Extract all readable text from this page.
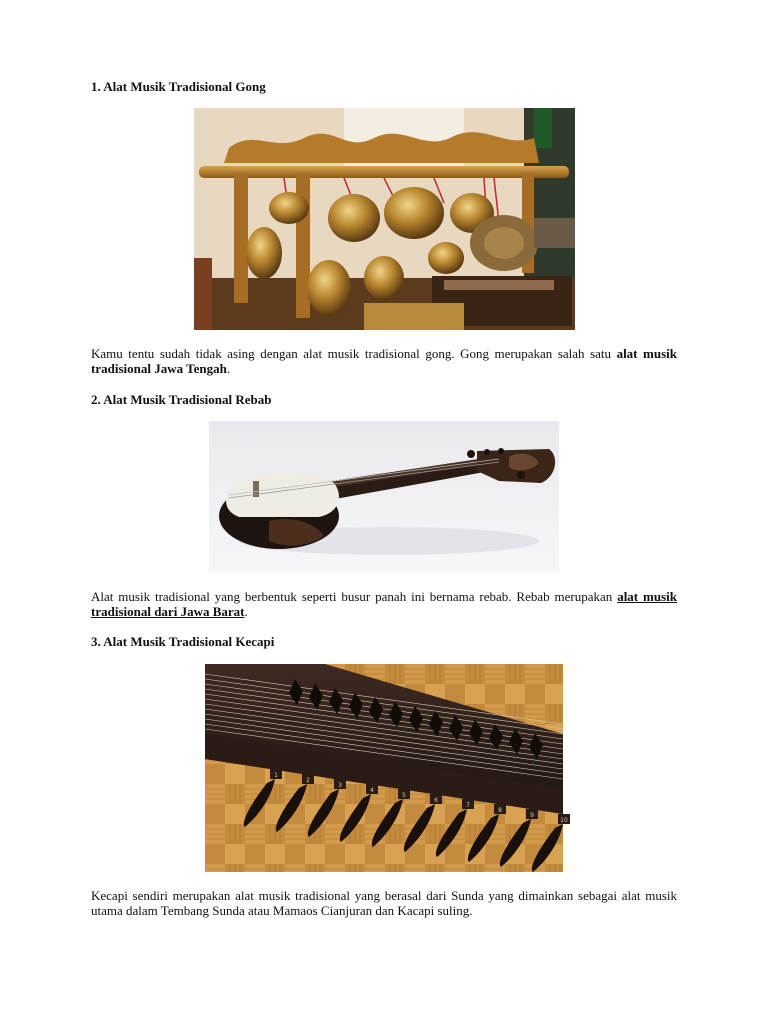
1. Alat Musik Tradisional Gong

Kamu tentu sudah tidak asing dengan alat musik tradisional gong. Gong merupakan salah satu alat musik tradisional Jawa Tengah.

2. Alat Musik Tradisional Rebab

Alat musik tradisional yang berbentuk seperti busur panah ini bernama rebab. Rebab merupakan alat musik tradisional dari Jawa Barat.

3. Alat Musik Tradisional Kecapi
1
2
3
4
5
6
7
8
9
10

Kecapi sendiri merupakan alat musik tradisional yang berasal dari Sunda yang dimainkan sebagai alat musik utama dalam Tembang Sunda atau Mamaos Cianjuran dan Kacapi suling.
